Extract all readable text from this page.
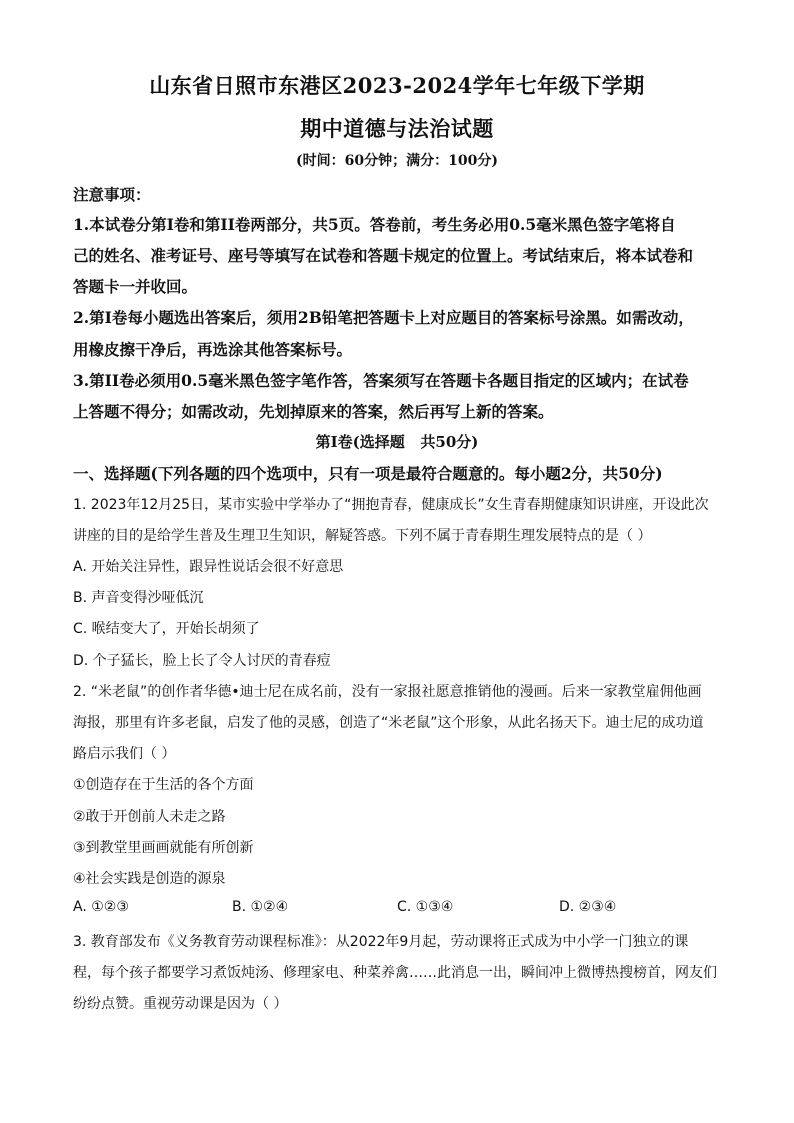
山东省日照市东港区2023-2024学年七年级下学期
期中道德与法治试题
(时间：60分钟；满分：100分)
注意事项：
1.本试卷分第I卷和第II卷两部分，共5页。答卷前，考生务必用0.5毫米黑色签字笔将自
己的姓名、准考证号、座号等填写在试卷和答题卡规定的位置上。考试结束后，将本试卷和
答题卡一并收回。
2.第I卷每小题选出答案后，须用2B铅笔把答题卡上对应题目的答案标号涂黑。如需改动，
用橡皮擦干净后，再选涂其他答案标号。
3.第II卷必须用0.5毫米黑色签字笔作答，答案须写在答题卡各题目指定的区域内；在试卷
上答题不得分；如需改动，先划掉原来的答案，然后再写上新的答案。
第I卷(选择题   共50分)
一、选择题(下列各题的四个选项中，只有一项是最符合题意的。每小题2分，共50分)
1. 2023年12月25日，某市实验中学举办了“拥抱青春，健康成长”女生青春期健康知识讲座，开设此次
讲座的目的是给学生普及生理卫生知识，解疑答惑。下列不属于青春期生理发展特点的是（ ）
A. 开始关注异性，跟异性说话会很不好意思
B. 声音变得沙哑低沉
C. 喉结变大了，开始长胡须了
D. 个子猛长，脸上长了令人讨厌的青春痘
2. “米老鼠”的创作者华德•迪士尼在成名前，没有一家报社愿意推销他的漫画。后来一家教堂雇佣他画
海报，那里有许多老鼠，启发了他的灵感，创造了“米老鼠”这个形象，从此名扬天下。迪士尼的成功道
路启示我们（ ）
①创造存在于生活的各个方面
②敢于开创前人未走之路
③到教堂里画画就能有所创新
④社会实践是创造的源泉
A. ①②③	B. ①②④	C. ①③④	D. ②③④
3. 教育部发布《义务教育劳动课程标准》：从2022年9月起，劳动课将正式成为中小学一门独立的课
程，每个孩子都要学习煮饭炖汤、修理家电、种菜养禽……此消息一出，瞬间冲上微博热搜榜首，网友们
纷纷点赞。重视劳动课是因为（ ）
